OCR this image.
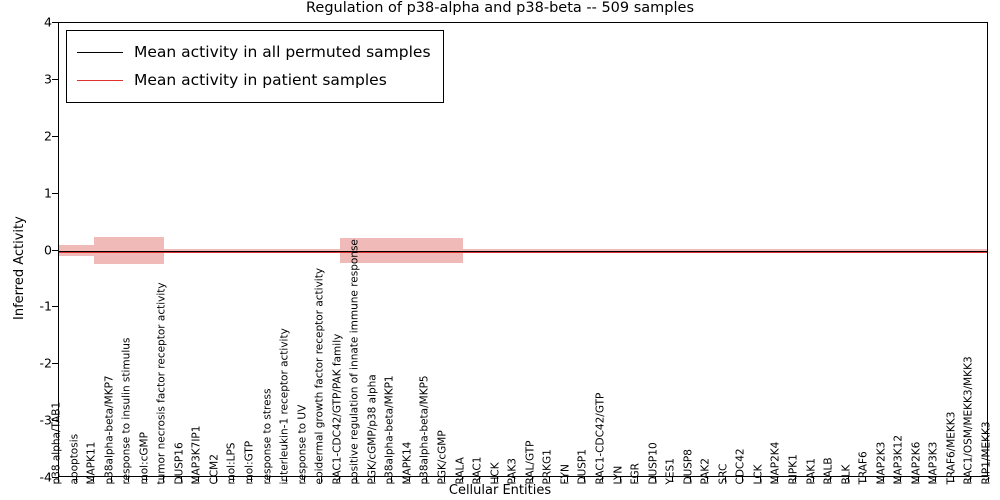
Regulation of p38-alpha and p38-beta -- 509 samples
Inferred Activity
Cellular Entities
-4
-3
-2
-1
0
1
2
3
4
p38 alpha/TAB1 apoptosis MAPK11 p38alpha-beta/MKP7 response to insulin stimulus mol:cGMP tumor necrosis factor receptor activity DUSP16 MAP3K7IP1 CCM2 mol:LPS mol:GTP response to stress interleukin-1 receptor activity response to UV epidermal growth factor receptor activity RAC1-CDC42/GTP/PAK family positive regulation of innate immune response PGK/cGMP/p38 alpha p38alpha-beta/MKP1 MAPK14 p38alpha-beta/MKP5 PGK/cGMP RALA RAC1 HCK PAK3 RAL/GTP PRKG1 FYN DUSP1 RAC1-CDC42/GTP LYN FGR DUSP10 YES1 DUSP8 PAK2 SRC CDC42 LCK MAP2K4 RIPK1 PAK1 RALB BLK TRAF6 MAP2K3 MAP3K12 MAP2K6 MAP3K3 TRAF6/MEKK3 RAC1/OSM/MEKK3/MKK3 RIP1/MEKK3
Mean activity in all permuted samples
Mean activity in patient samples
